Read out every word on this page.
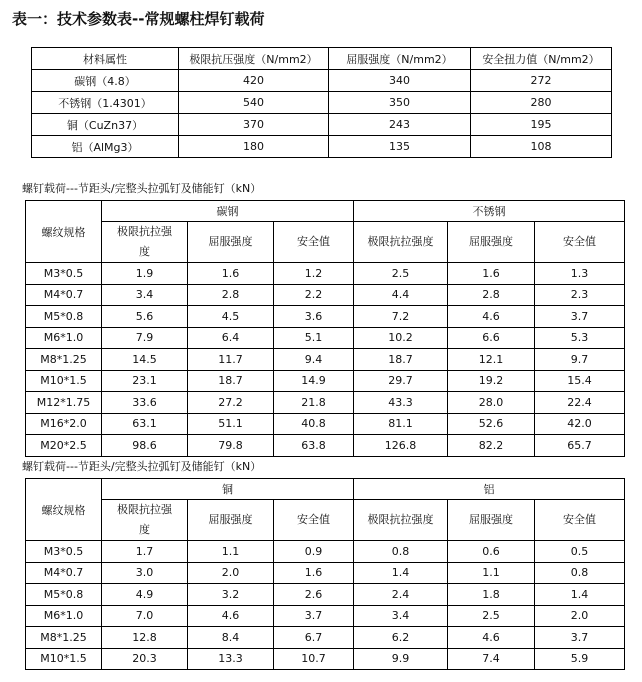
表一：技术参数表--常规螺柱焊钉载荷
材料属性	极限抗压强度（N/mm2）	屈服强度（N/mm2）	安全扭力值（N/mm2）
碳钢（4.8）	420	340	272
不锈钢（1.4301）	540	350	280
铜（CuZn37）	370	243	195
铝（AlMg3）	180	135	108
螺钉载荷---节距头/完整头拉弧钉及储能钉（kN）
螺纹规格	碳钢			不锈钢		
	极限抗拉强度	屈服强度	安全值	极限抗拉强度	屈服强度	安全值
M3*0.5	1.9	1.6	1.2	2.5	1.6	1.3
M4*0.7	3.4	2.8	2.2	4.4	2.8	2.3
M5*0.8	5.6	4.5	3.6	7.2	4.6	3.7
M6*1.0	7.9	6.4	5.1	10.2	6.6	5.3
M8*1.25	14.5	11.7	9.4	18.7	12.1	9.7
M10*1.5	23.1	18.7	14.9	29.7	19.2	15.4
M12*1.75	33.6	27.2	21.8	43.3	28.0	22.4
M16*2.0	63.1	51.1	40.8	81.1	52.6	42.0
M20*2.5	98.6	79.8	63.8	126.8	82.2	65.7
螺钉载荷---节距头/完整头拉弧钉及储能钉（kN）
螺纹规格	铜			铝		
	极限抗拉强度	屈服强度	安全值	极限抗拉强度	屈服强度	安全值
M3*0.5	1.7	1.1	0.9	0.8	0.6	0.5
M4*0.7	3.0	2.0	1.6	1.4	1.1	0.8
M5*0.8	4.9	3.2	2.6	2.4	1.8	1.4
M6*1.0	7.0	4.6	3.7	3.4	2.5	2.0
M8*1.25	12.8	8.4	6.7	6.2	4.6	3.7
M10*1.5	20.3	13.3	10.7	9.9	7.4	5.9
